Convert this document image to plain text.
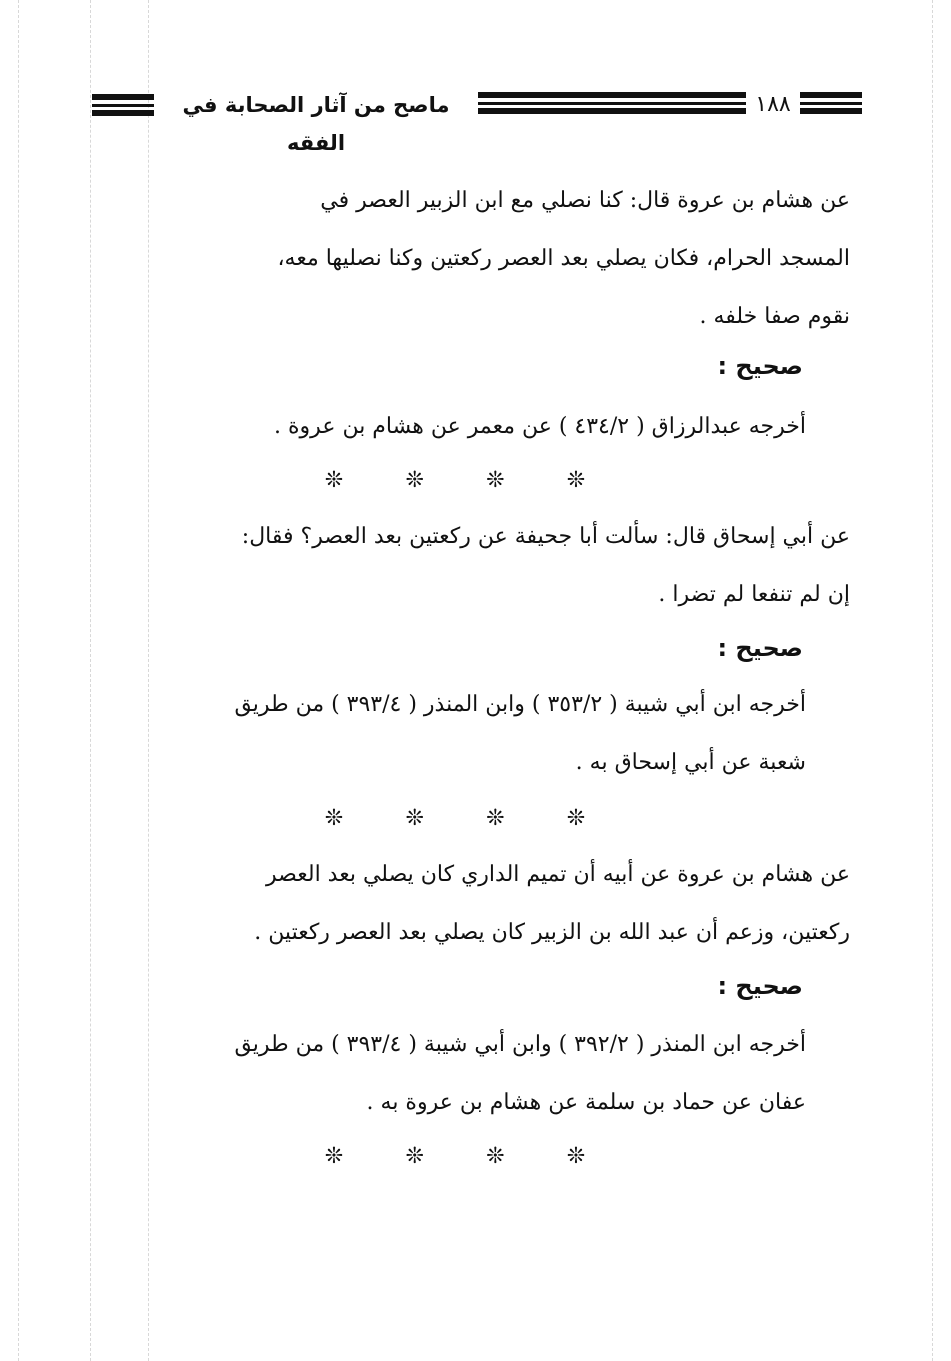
ماصح من آثار الصحابة في الفقه
١٨٨
عن هشام بن عروة قال: كنا نصلي مع ابن الزبير العصر في
المسجد الحرام، فكان يصلي بعد العصر ركعتين وكنا نصليها معه،
نقوم صفا خلفه .
صحيح :
أخرجه عبدالرزاق ( ٤٣٤/٢ ) عن معمر عن هشام بن عروة .
❊
❊
❊
❊
عن أبي إسحاق قال: سألت أبا جحيفة عن ركعتين بعد العصر؟ فقال:
إن لم تنفعا لم تضرا .
صحيح :
أخرجه ابن أبي شيبة ( ٣٥٣/٢ ) وابن المنذر ( ٣٩٣/٤ ) من طريق
شعبة عن أبي إسحاق به .
❊
❊
❊
❊
عن هشام بن عروة عن أبيه أن تميم الداري كان يصلي بعد العصر
ركعتين، وزعم أن عبد الله بن الزبير كان يصلي بعد العصر ركعتين .
صحيح :
أخرجه ابن المنذر ( ٣٩٢/٢ ) وابن أبي شيبة ( ٣٩٣/٤ ) من طريق
عفان عن حماد بن سلمة عن هشام بن عروة به .
❊
❊
❊
❊
